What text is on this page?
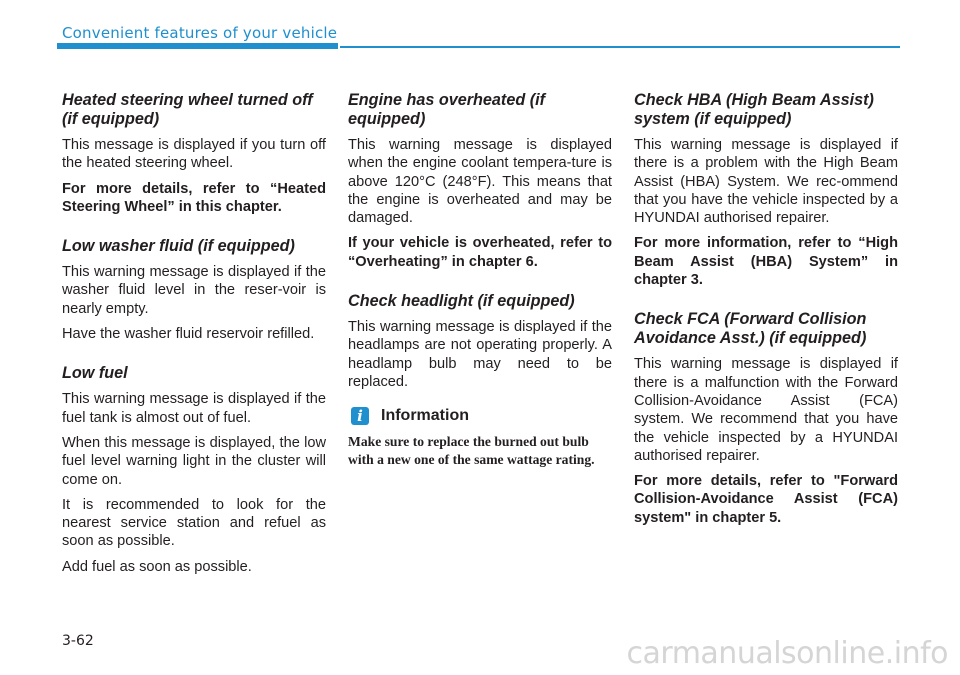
Convenient features of your vehicle
Heated steering wheel turned off (if equipped)

This message is displayed if you turn off the heated steering wheel.

For more details, refer to “Heated Steering Wheel” in this chapter.

Low washer fluid (if equipped)

This warning message is displayed if the washer fluid level in the reser-voir is nearly empty.

Have the washer fluid reservoir refilled.

Low fuel

This warning message is displayed if the fuel tank is almost out of fuel.

When this message is displayed, the low fuel level warning light in the cluster will come on.

It is recommended to look for the nearest service station and refuel as soon as possible.

Add fuel as soon as possible.

Engine has overheated (if equipped)

This warning message is displayed when the engine coolant tempera-ture is above 120°C (248°F). This means that the engine is overheated and may be damaged.

If your vehicle is overheated, refer to “Overheating” in chapter 6.

Check headlight (if equipped)

This warning message is displayed if the headlamps are not operating properly. A headlamp bulb may need to be replaced.

i	Information

Make sure to replace the burned out bulb with a new one of the same wattage rating.

Check HBA (High Beam Assist) system (if equipped)

This warning message is displayed if there is a problem with the High Beam Assist (HBA) System. We rec-ommend that you have the vehicle inspected by a HYUNDAI authorised repairer.

For more information, refer to “High Beam Assist (HBA) System” in chapter 3.

Check FCA (Forward Collision Avoidance Asst.) (if equipped)

This warning message is displayed if there is a malfunction with the Forward Collision-Avoidance Assist (FCA) system. We recommend that you have the vehicle inspected by a HYUNDAI authorised repairer.

For more details, refer to "Forward Collision-Avoidance Assist (FCA) system" in chapter 5.

3-62	carmanualsonline.info
